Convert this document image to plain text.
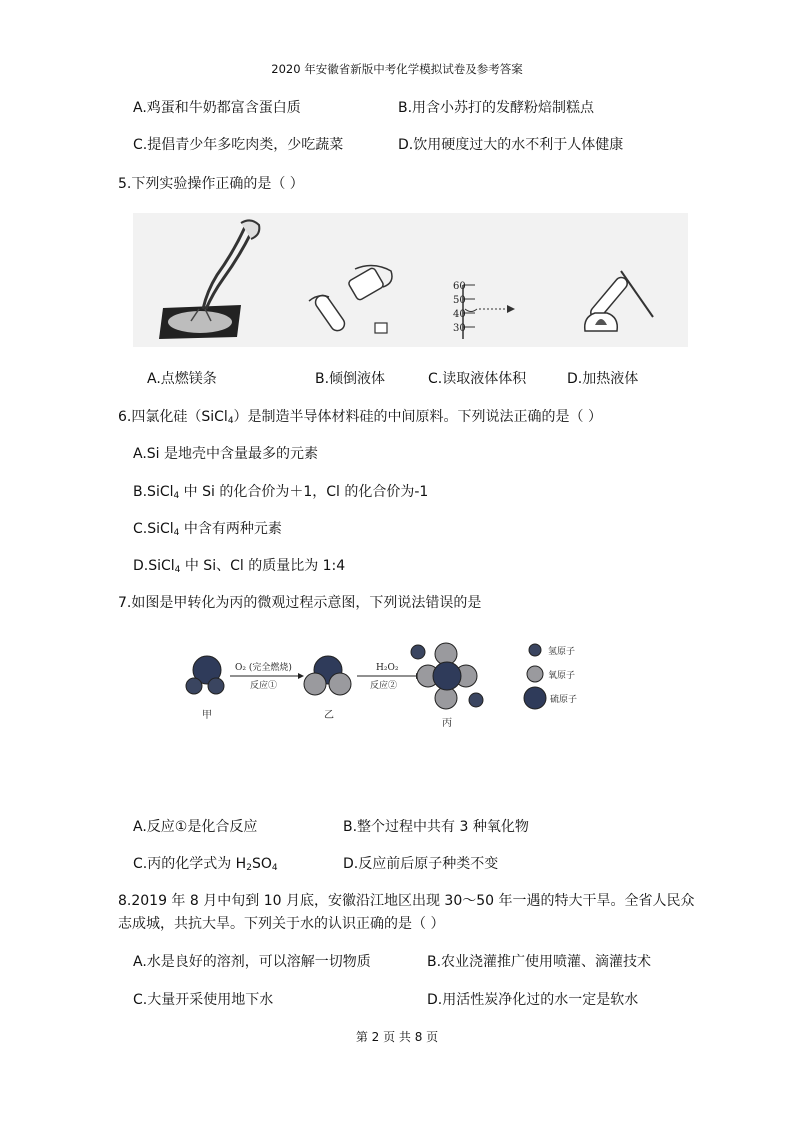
2020 年安徽省新版中考化学模拟试卷及参考答案
A.鸡蛋和牛奶都富含蛋白质	B.用含小苏打的发酵粉焙制糕点
C.提倡青少年多吃肉类，少吃蔬菜	D.饮用硬度过大的水不利于人体健康
5.下列实验操作正确的是（ ）
60
50
40
30
A.点燃镁条	B.倾倒液体	C.读取液体体积	D.加热液体
6.四氯化硅（SiCl$_4$）是制造半导体材料硅的中间原料。下列说法正确的是（ ）
A.Si 是地壳中含量最多的元素
B.SiCl$_4$ 中 Si 的化合价为＋1，Cl 的化合价为-1
C.SiCl$_4$ 中含有两种元素
D.SiCl$_4$ 中 Si、Cl 的质量比为 1:4
7.如图是甲转化为丙的微观过程示意图，下列说法错误的是
甲
O₂ (完全燃烧)
反应①
乙
H₂O₂
反应②
丙
氢原子
氧原子
硫原子
A.反应①是化合反应	B.整个过程中共有 3 种氧化物
C.丙的化学式为 $H_2SO_4$	D.反应前后原子种类不变
8.2019 年 8 月中旬到 10 月底，安徽沿江地区出现 30～50 年一遇的特大干旱。全省人民众
志成城，共抗大旱。下列关于水的认识正确的是（ ）
A.水是良好的溶剂，可以溶解一切物质	B.农业浇灌推广使用喷灌、滴灌技术
C.大量开采使用地下水	D.用活性炭净化过的水一定是软水
第 2 页 共 8 页
